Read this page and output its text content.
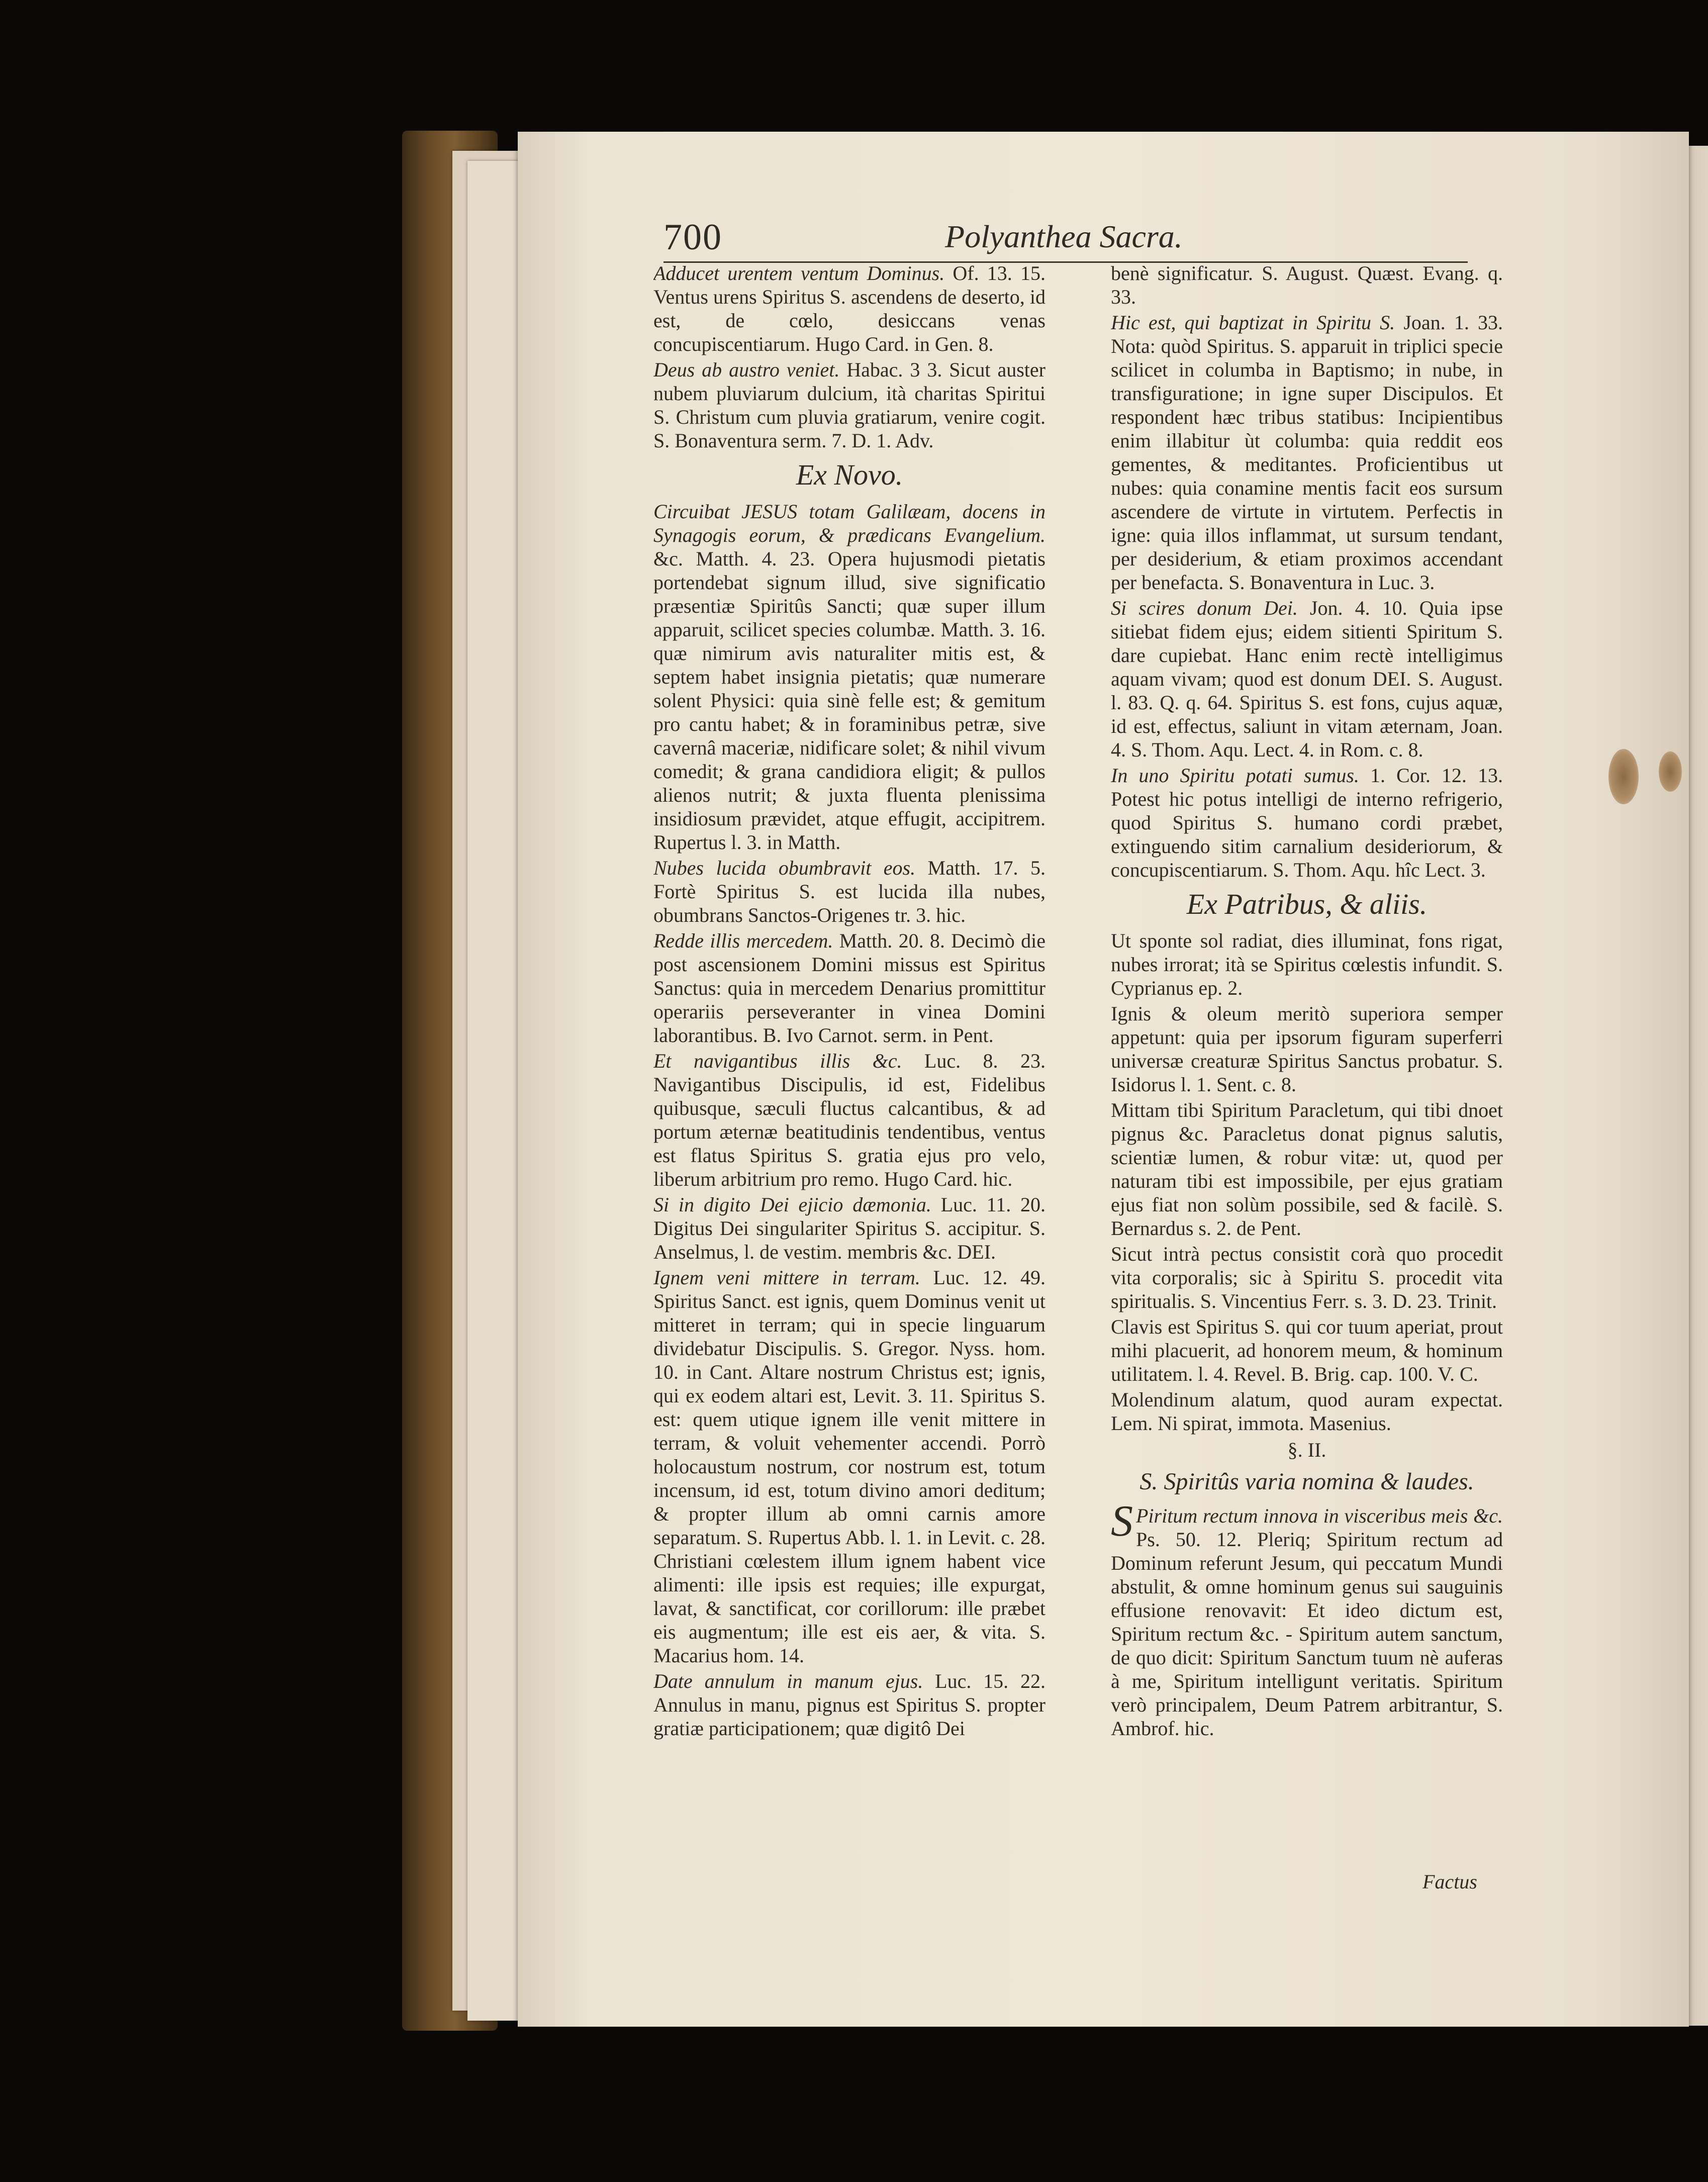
700	Polyanthea Sacra.

Adducet urentem ventum Dominus. Of. 13. 15. Ventus urens Spiritus S. ascendens de deserto, id est, de cœlo, desiccans venas concupiscentiarum. Hugo Card. in Gen. 8.

Deus ab austro veniet. Habac. 3 3. Sicut auster nubem pluviarum dulcium, ità charitas Spiritui S. Christum cum pluvia gratiarum, venire cogit. S. Bonaventura serm. 7. D. 1. Adv.

Ex Novo.

Circuibat JESUS totam Galilæam, docens in Synagogis eorum, & prædicans Evangelium. &c. Matth. 4. 23. Opera hujusmodi pietatis portendebat signum illud, sive significatio præsentiæ Spiritûs Sancti; quæ super illum apparuit, scilicet species columbæ. Matth. 3. 16. quæ nimirum avis naturaliter mitis est, & septem habet insignia pietatis; quæ numerare solent Physici: quia sinè felle est; & gemitum pro cantu habet; & in foraminibus petræ, sive cavernâ maceriæ, nidificare solet; & nihil vivum comedit; & grana candidiora eligit; & pullos alienos nutrit; & juxta fluenta plenissima insidiosum prævidet, atque effugit, accipitrem. Rupertus l. 3. in Matth.

Nubes lucida obumbravit eos. Matth. 17. 5. Fortè Spiritus S. est lucida illa nubes, obumbrans Sanctos-Origenes tr. 3. hic.

Redde illis mercedem. Matth. 20. 8. Decimò die post ascensionem Domini missus est Spiritus Sanctus: quia in mercedem Denarius promittitur operariis perseveranter in vinea Domini laborantibus. B. Ivo Carnot. serm. in Pent.

Et navigantibus illis &c. Luc. 8. 23. Navigantibus Discipulis, id est, Fidelibus quibusque, sæculi fluctus calcantibus, & ad portum æternæ beatitudinis tendentibus, ventus est flatus Spiritus S. gratia ejus pro velo, liberum arbitrium pro remo. Hugo Card. hic.

Si in digito Dei ejicio dæmonia. Luc. 11. 20. Digitus Dei singulariter Spiritus S. accipitur. S. Anselmus, l. de vestim. membris &c. DEI.

Ignem veni mittere in terram. Luc. 12. 49. Spiritus Sanct. est ignis, quem Dominus venit ut mitteret in terram; qui in specie linguarum dividebatur Discipulis. S. Gregor. Nyss. hom. 10. in Cant. Altare nostrum Christus est; ignis, qui ex eodem altari est, Levit. 3. 11. Spiritus S. est: quem utique ignem ille venit mittere in terram, & voluit vehementer accendi. Porrò holocaustum nostrum, cor nostrum est, totum incensum, id est, totum divino amori deditum; & propter illum ab omni carnis amore separatum. S. Rupertus Abb. l. 1. in Levit. c. 28. Christiani cœlestem illum ignem habent vice alimenti: ille ipsis est requies; ille expurgat, lavat, & sanctificat, cor corillorum: ille præbet eis augmentum; ille est eis aer, & vita. S. Macarius hom. 14.

Date annulum in manum ejus. Luc. 15. 22. Annulus in manu, pignus est Spiritus S. propter gratiæ participationem; quæ digitô Dei

benè significatur. S. August. Quæst. Evang. q. 33.

Hic est, qui baptizat in Spiritu S. Joan. 1. 33. Nota: quòd Spiritus. S. apparuit in triplici specie scilicet in columba in Baptismo; in nube, in transfiguratione; in igne super Discipulos. Et respondent hæc tribus statibus: Incipientibus enim illabitur ùt columba: quia reddit eos gementes, & meditantes. Proficientibus ut nubes: quia conamine mentis facit eos sursum ascendere de virtute in virtutem. Perfectis in igne: quia illos inflammat, ut sursum tendant, per desiderium, & etiam proximos accendant per benefacta. S. Bonaventura in Luc. 3.

Si scires donum Dei. Jon. 4. 10. Quia ipse sitiebat fidem ejus; eidem sitienti Spiritum S. dare cupiebat. Hanc enim rectè intelligimus aquam vivam; quod est donum DEI. S. August. l. 83. Q. q. 64. Spiritus S. est fons, cujus aquæ, id est, effectus, saliunt in vitam æternam, Joan. 4. S. Thom. Aqu. Lect. 4. in Rom. c. 8.

In uno Spiritu potati sumus. 1. Cor. 12. 13. Potest hic potus intelligi de interno refrigerio, quod Spiritus S. humano cordi præbet, extinguendo sitim carnalium desideriorum, & concupiscentiarum. S. Thom. Aqu. hîc Lect. 3.

Ex Patribus, & aliis.

Ut sponte sol radiat, dies illuminat, fons rigat, nubes irrorat; ità se Spiritus cœlestis infundit. S. Cyprianus ep. 2.

Ignis & oleum meritò superiora semper appetunt: quia per ipsorum figuram superferri universæ creaturæ Spiritus Sanctus probatur. S. Isidorus l. 1. Sent. c. 8.

Mittam tibi Spiritum Paracletum, qui tibi dnoet pignus &c. Paracletus donat pignus salutis, scientiæ lumen, & robur vitæ: ut, quod per naturam tibi est impossibile, per ejus gratiam ejus fiat non solùm possibile, sed & facilè. S. Bernardus s. 2. de Pent.

Sicut intrà pectus consistit corà quo procedit vita corporalis; sic à Spiritu S. procedit vita spiritualis. S. Vincentius Ferr. s. 3. D. 23. Trinit.

Clavis est Spiritus S. qui cor tuum aperiat, prout mihi placuerit, ad honorem meum, & hominum utilitatem. l. 4. Revel. B. Brig. cap. 100. V. C.

Molendinum alatum, quod auram expectat. Lem. Ni spirat, immota. Masenius.

§. II.
S. Spiritûs varia nomina & laudes.

S Piritum rectum innova in visceribus meis &c. Ps. 50. 12. Plerіq; Spiritum rectum ad Dominum referunt Jesum, qui peccatum Mundi abstulit, & omne hominum genus sui sauguinis effusione renovavit: Et ideo dictum est, Spiritum rectum &c. - Spiritum autem sanctum, de quo dicit: Spiritum Sanctum tuum nè auferas à me, Spiritum intelligunt veritatis. Spiritum verò principalem, Deum Patrem arbitrantur, S. Ambrof. hic.

Factus
